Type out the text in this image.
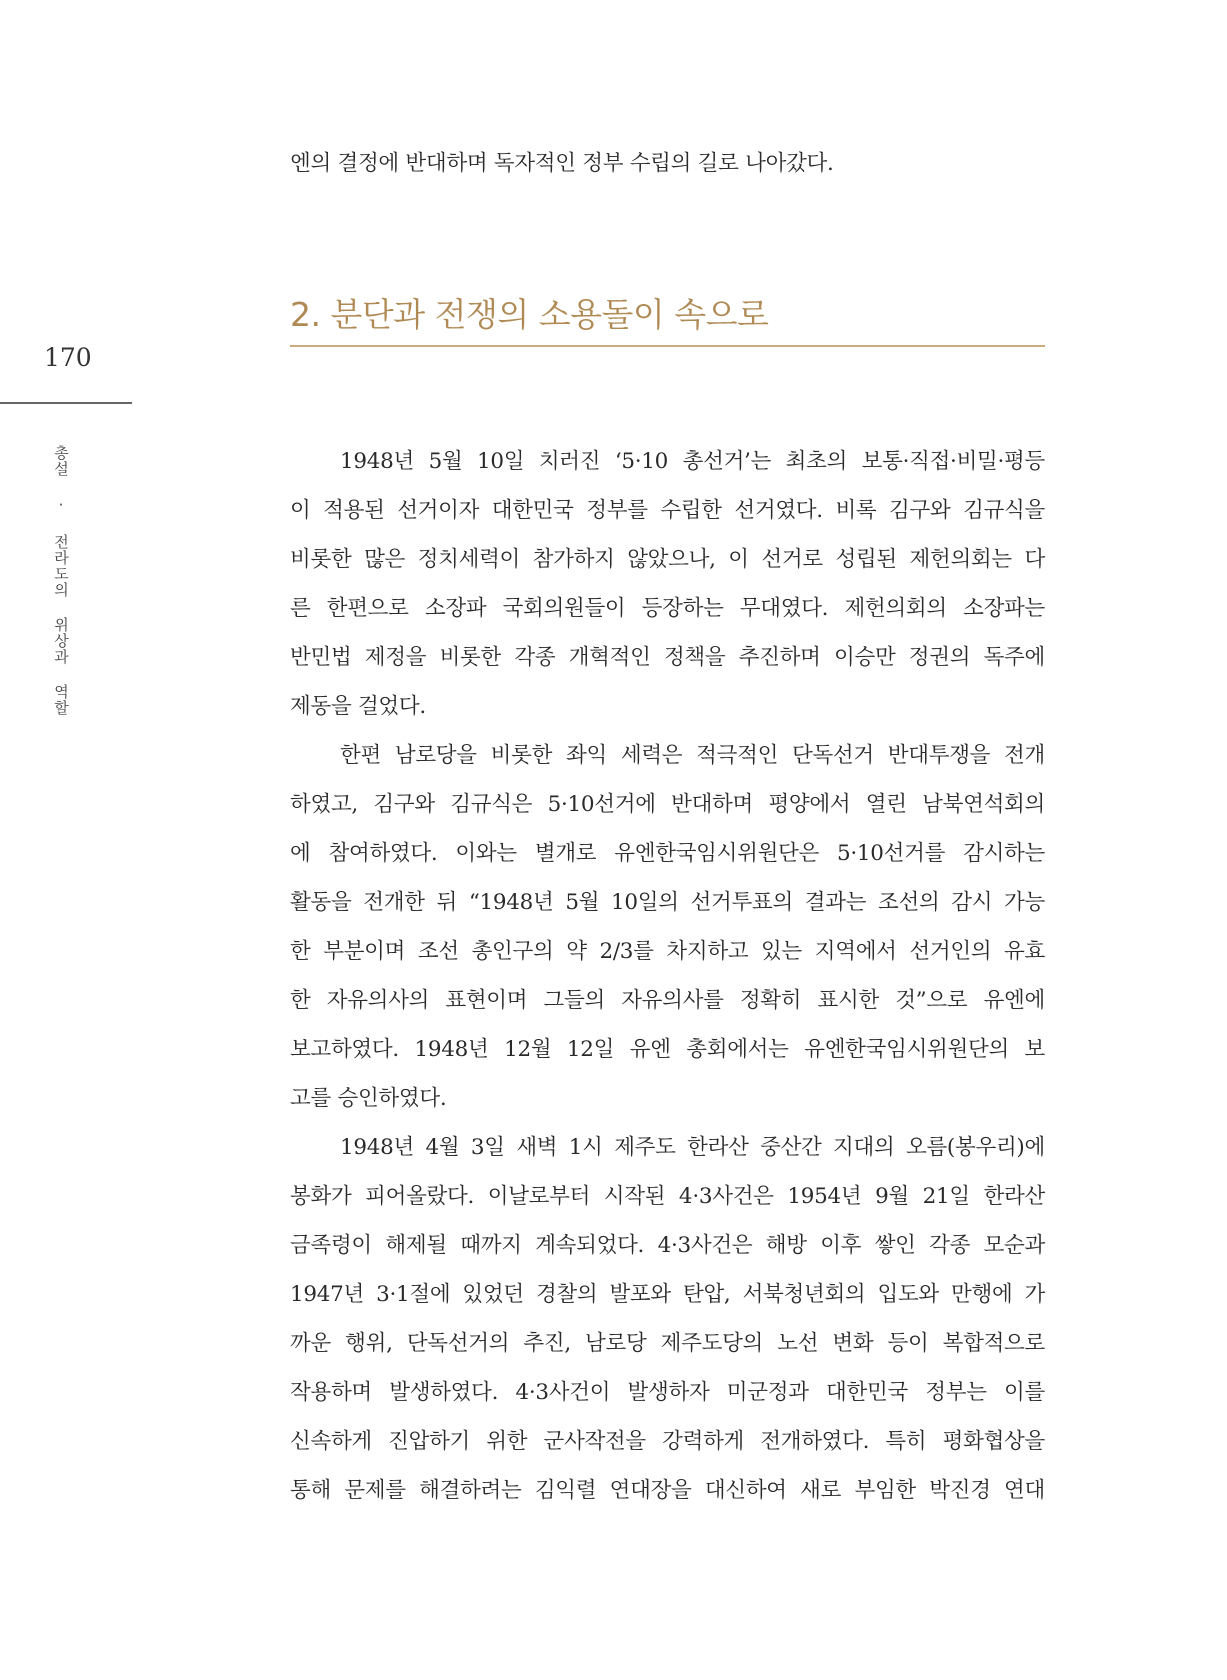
170
총설 · 전라도의 위상과 역할
엔의 결정에 반대하며 독자적인 정부 수립의 길로 나아갔다.
2. 분단과 전쟁의 소용돌이 속으로
1948년 5월 10일 치러진 ‘5·10 총선거’는 최초의 보통·직접·비밀·평등
이 적용된 선거이자 대한민국 정부를 수립한 선거였다. 비록 김구와 김규식을
비롯한 많은 정치세력이 참가하지 않았으나, 이 선거로 성립된 제헌의회는 다
른 한편으로 소장파 국회의원들이 등장하는 무대였다. 제헌의회의 소장파는
반민법 제정을 비롯한 각종 개혁적인 정책을 추진하며 이승만 정권의 독주에
제동을 걸었다.
한편 남로당을 비롯한 좌익 세력은 적극적인 단독선거 반대투쟁을 전개
하였고, 김구와 김규식은 5·10선거에 반대하며 평양에서 열린 남북연석회의
에 참여하였다. 이와는 별개로 유엔한국임시위원단은 5·10선거를 감시하는
활동을 전개한 뒤 “1948년 5월 10일의 선거투표의 결과는 조선의 감시 가능
한 부분이며 조선 총인구의 약 2/3를 차지하고 있는 지역에서 선거인의 유효
한 자유의사의 표현이며 그들의 자유의사를 정확히 표시한 것”으로 유엔에
보고하였다. 1948년 12월 12일 유엔 총회에서는 유엔한국임시위원단의 보
고를 승인하였다.
1948년 4월 3일 새벽 1시 제주도 한라산 중산간 지대의 오름(봉우리)에
봉화가 피어올랐다. 이날로부터 시작된 4·3사건은 1954년 9월 21일 한라산
금족령이 해제될 때까지 계속되었다. 4·3사건은 해방 이후 쌓인 각종 모순과
1947년 3·1절에 있었던 경찰의 발포와 탄압, 서북청년회의 입도와 만행에 가
까운 행위, 단독선거의 추진, 남로당 제주도당의 노선 변화 등이 복합적으로
작용하며 발생하였다. 4·3사건이 발생하자 미군정과 대한민국 정부는 이를
신속하게 진압하기 위한 군사작전을 강력하게 전개하였다. 특히 평화협상을
통해 문제를 해결하려는 김익렬 연대장을 대신하여 새로 부임한 박진경 연대
